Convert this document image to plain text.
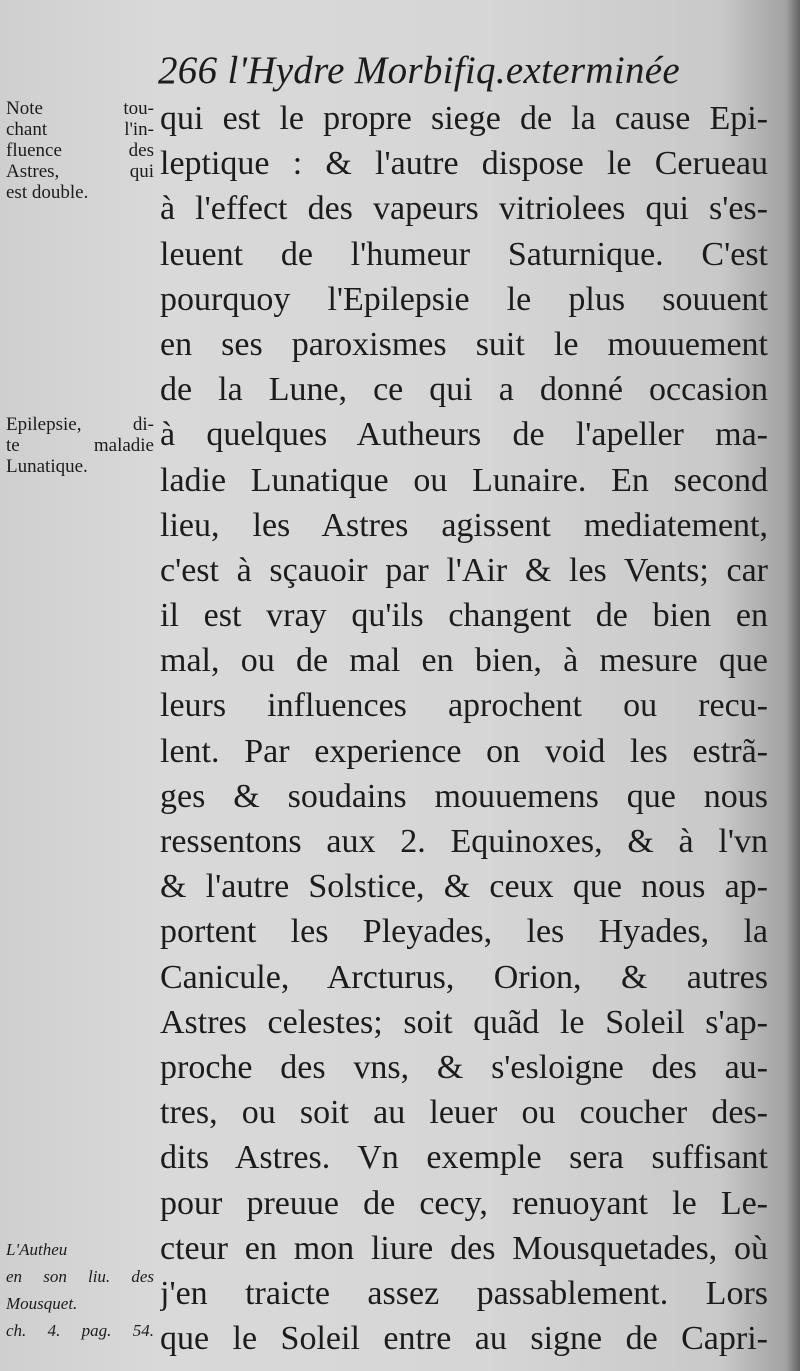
266 l'Hydre Morbifiq.exterminée
Note tou-
chant l'in-
fluence des
Astres, qui
est double.
Epilepsie, di-
te maladie
Lunatique.
L'Autheu
en son liu. des
Mousquet.
ch. 4. pag. 54.
qui est le propre siege de la cause Epi-
leptique : & l'autre dispose le Cerueau
à l'effect des vapeurs vitriolees qui s'es-
leuent de l'humeur Saturnique. C'est
pourquoy l'Epilepsie le plus souuent
en ses paroxismes suit le mouuement
de la Lune, ce qui a donné occasion
à quelques Autheurs de l'apeller ma-
ladie Lunatique ou Lunaire. En second
lieu, les Astres agissent mediatement,
c'est à sçauoir par l'Air & les Vents; car
il est vray qu'ils changent de bien en
mal, ou de mal en bien, à mesure que
leurs influences aprochent ou recu-
lent. Par experience on void les estrã-
ges & soudains mouuemens que nous
ressentons aux 2. Equinoxes, & à l'vn
& l'autre Solstice, & ceux que nous ap-
portent les Pleyades, les Hyades, la
Canicule, Arcturus, Orion, & autres
Astres celestes; soit quãd le Soleil s'ap-
proche des vns, & s'esloigne des au-
tres, ou soit au leuer ou coucher des-
dits Astres. Vn exemple sera suffisant
pour preuue de cecy, renuoyant le Le-
cteur en mon liure des Mousquetades, où
j'en traicte assez passablement. Lors
que le Soleil entre au signe de Capri-
